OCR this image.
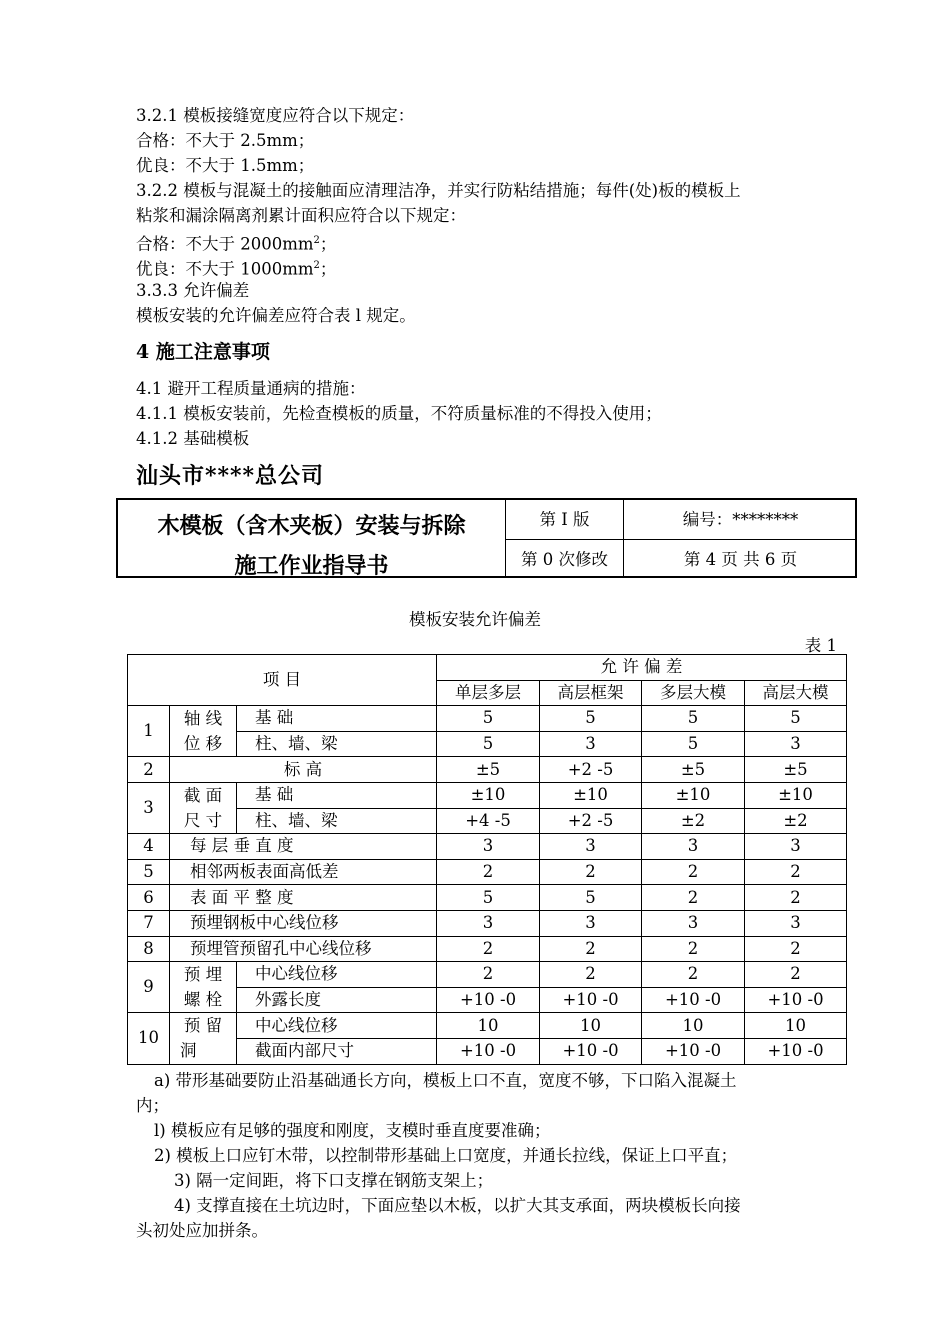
3.2.1 模板接缝宽度应符合以下规定：
合格：不大于 2.5mm；
优良：不大于 1.5mm；
3.2.2 模板与混凝土的接触面应清理洁净，并实行防粘结措施；每件(处)板的模板上
粘浆和漏涂隔离剂累计面积应符合以下规定：
合格：不大于 $2000mm^2$；
优良：不大于 $1000mm^2$；
3.3.3 允许偏差
模板安装的允许偏差应符合表 l 规定。
4 施工注意事项
4.1 避开工程质量通病的措施：
4.1.1 模板安装前，先检查模板的质量，不符质量标准的不得投入使用；
4.1.2 基础模板
汕头市****总公司
木模板（含木夹板）安装与拆除
施工作业指导书
第 I 版	编号：********
第 0 次修改	第 4 页 共 6 页
模板安装允许偏差
表 1
项 目			允 许 偏 差			
			单层多层	高层框架	多层大模	高层大模
1	轴 线	基 础	5	5	5	5
	位 移	柱、墙、梁	5	3	5	3
2	标 高		±5	+2 -5	±5	±5
3	截 面	基 础	±10	±10	±10	±10
	尺 寸	柱、墙、梁	+4 -5	+2 -5	±2	±2
4	每 层 垂 直 度		3	3	3	3
5	相邻两板表面高低差		2	2	2	2
6	表 面 平 整 度		5	5	2	2
7	预埋钢板中心线位移		3	3	3	3
8	预埋管预留孔中心线位移		2	2	2	2
9	预 埋	中心线位移	2	2	2	2
	螺 栓	外露长度	+10 -0	+10 -0	+10 -0	+10 -0
10	预 留	中心线位移	10	10	10	10
	洞	截面内部尺寸	+10 -0	+10 -0	+10 -0	+10 -0
a) 带形基础要防止沿基础通长方向，模板上口不直，宽度不够，下口陷入混凝土
内；
l) 模板应有足够的强度和刚度，支模时垂直度要准确；
2) 模板上口应钉木带，以控制带形基础上口宽度，并通长拉线，保证上口平直；
3) 隔一定间距，将下口支撑在钢筋支架上；
4) 支撑直接在土坑边时，下面应垫以木板，以扩大其支承面，两块模板长向接
头初处应加拼条。
